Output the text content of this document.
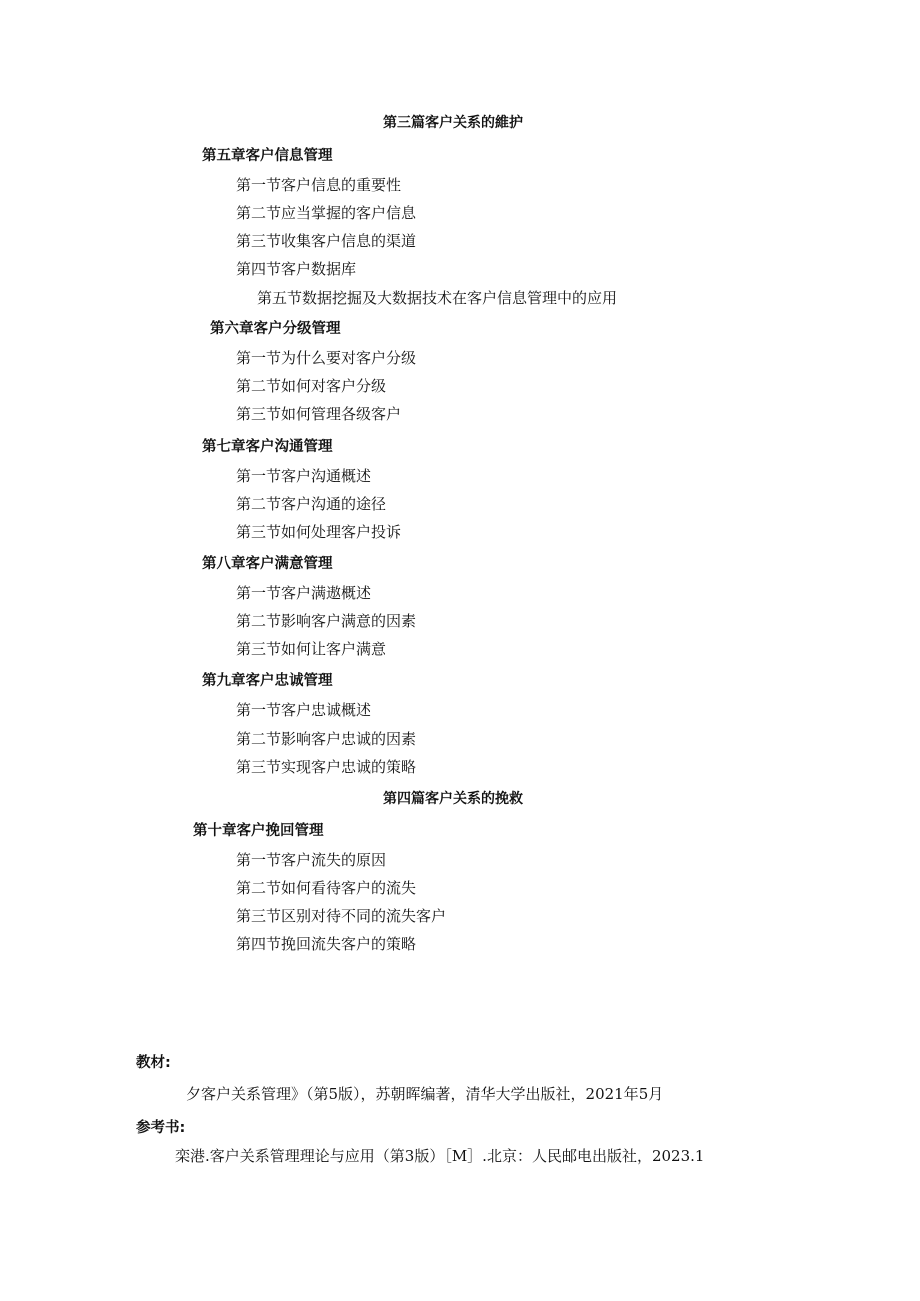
第三篇客户关系的維护
第五章客户信息管理
第一节客户信息的重要性
第二节应当掌握的客户信息
第三节收集客户信息的渠道
第四节客户数据库
第五节数据挖掘及大数据技术在客户信息管理中的应用
第六章客户分级管理
第一节为什么要对客户分级
第二节如何对客户分级
第三节如何管理各级客户
第七章客户沟通管理
第一节客户沟通概述
第二节客户沟通的途径
第三节如何处理客户投诉
第八章客户满意管理
第一节客户满遨概述
第二节影响客户满意的因素
第三节如何让客户满意
第九章客户忠诚管理
第一节客户忠诚概述
第二节影响客户忠诚的因素
第三节实现客户忠诚的策略
第四篇客户关系的挽救
第十章客户挽回管理
第一节客户流失的原因
第二节如何看待客户的流失
第三节区别对待不同的流失客户
第四节挽回流失客户的策略
教材:
夕客户关系管理》（第5版），苏朝晖编著，清华大学出版社，2021年5月
参考书:
栾港.客户关系管理理论与应用（第3版）［M］.北京：人民邮电出版社，2023.1
